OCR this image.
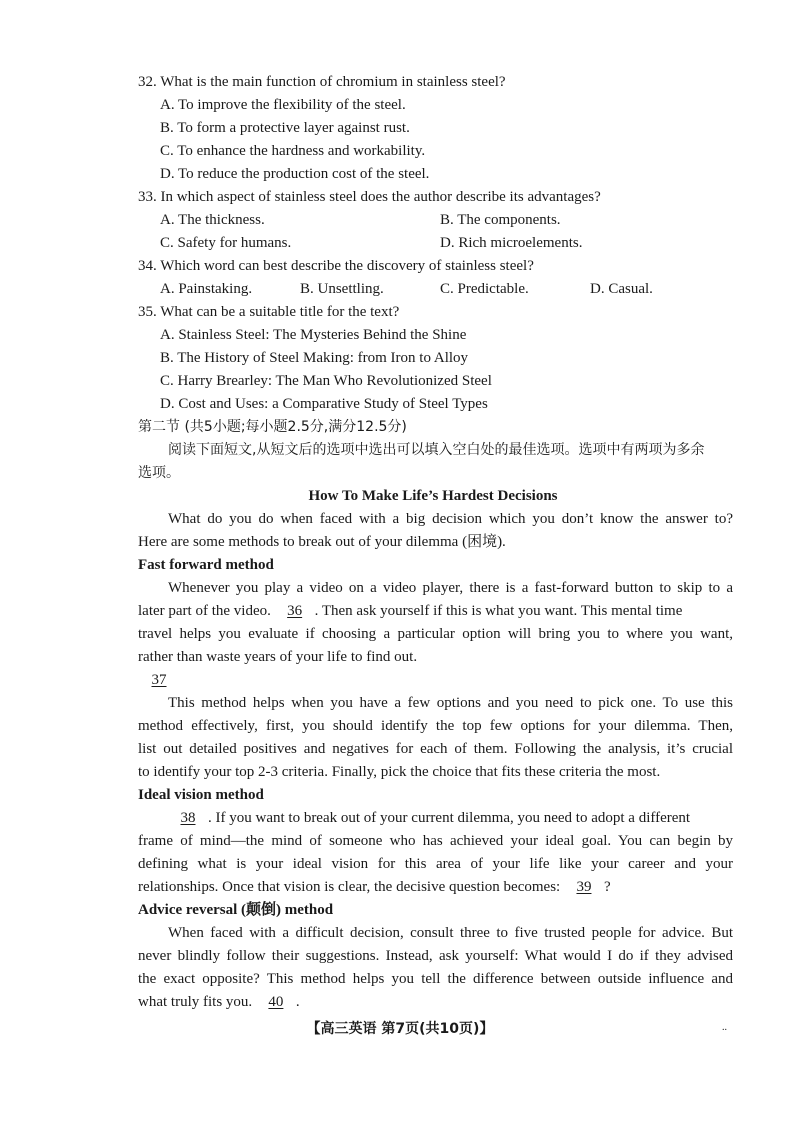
32. What is the main function of chromium in stainless steel?
A. To improve the flexibility of the steel.
B. To form a protective layer against rust.
C. To enhance the hardness and workability.
D. To reduce the production cost of the steel.
33. In which aspect of stainless steel does the author describe its advantages?
A. The thickness.	B. The components.
C. Safety for humans.	D. Rich microelements.
34. Which word can best describe the discovery of stainless steel?
A. Painstaking.	B. Unsettling.	C. Predictable.	D. Casual.
35. What can be a suitable title for the text?
A. Stainless Steel: The Mysteries Behind the Shine
B. The History of Steel Making: from Iron to Alloy
C. Harry Brearley: The Man Who Revolutionized Steel
D. Cost and Uses: a Comparative Study of Steel Types
第二节 (共5小题;每小题2.5分,满分12.5分)
阅读下面短文,从短文后的选项中选出可以填入空白处的最佳选项。选项中有两项为多余
选项。
How To Make Life’s Hardest Decisions
What do you do when faced with a big decision which you don’t know the answer to?
Here are some methods to break out of your dilemma (困境).
Fast forward method
Whenever you play a video on a video player, there is a fast-forward button to skip to a
later part of the video. 36 . Then ask yourself if this is what you want. This mental time
travel helps you evaluate if choosing a particular option will bring you to where you want,
rather than waste years of your life to find out.
37
This method helps when you have a few options and you need to pick one. To use this
method effectively, first, you should identify the top few options for your dilemma. Then,
list out detailed positives and negatives for each of them. Following the analysis, it’s crucial
to identify your top 2-3 criteria. Finally, pick the choice that fits these criteria the most.
Ideal vision method
38 . If you want to break out of your current dilemma, you need to adopt a different
frame of mind—the mind of someone who has achieved your ideal goal. You can begin by
defining what is your ideal vision for this area of your life like your career and your
relationships. Once that vision is clear, the decisive question becomes: 39 ?
Advice reversal (颠倒) method
When faced with a difficult decision, consult three to five trusted people for advice. But
never blindly follow their suggestions. Instead, ask yourself: What would I do if they advised
the exact opposite? This method helps you tell the difference between outside influence and
what truly fits you. 40 .
【高三英语 第7页(共10页)】	..
